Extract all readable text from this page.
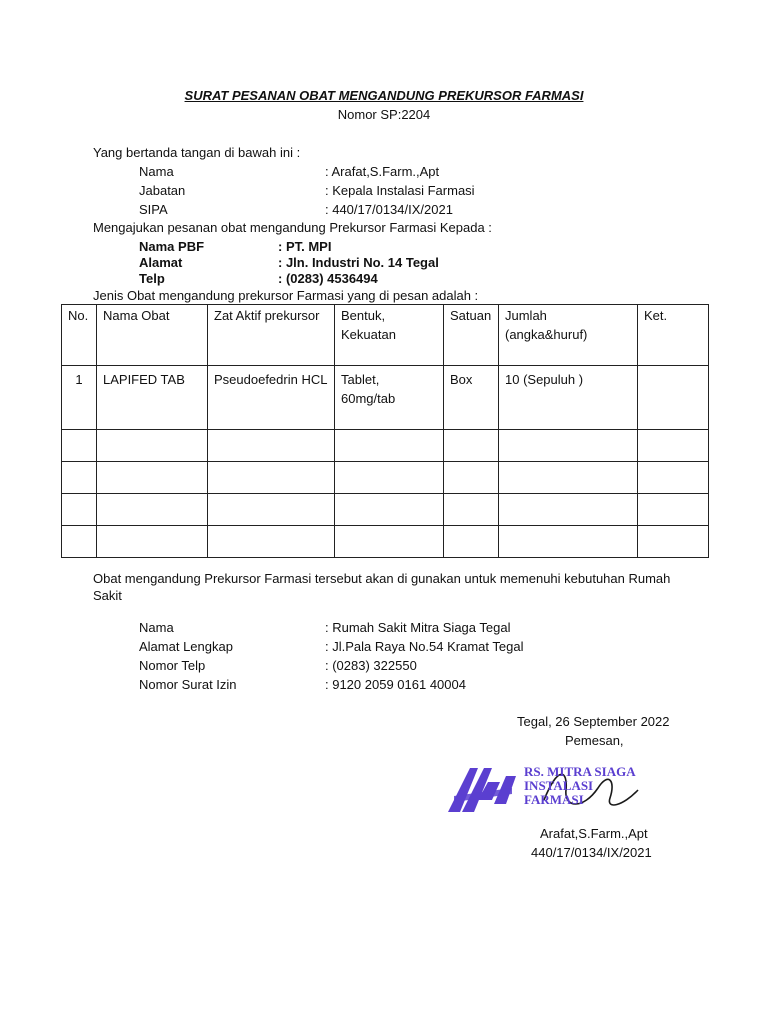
SURAT PESANAN OBAT MENGANDUNG PREKURSOR FARMASI
Nomor SP:2204
Yang bertanda tangan di bawah ini :
Nama	: Arafat,S.Farm.,Apt
Jabatan	: Kepala Instalasi Farmasi
SIPA	: 440/17/0134/IX/2021
Mengajukan pesanan obat mengandung Prekursor Farmasi Kepada :
Nama PBF	: PT. MPI
Alamat	: Jln. Industri No. 14 Tegal
Telp	: (0283) 4536494
Jenis Obat mengandung prekursor Farmasi yang di pesan adalah :
No.	Nama Obat	Zat Aktif prekursor	Bentuk, Kekuatan	Satuan	Jumlah (angka&huruf)	Ket.
1	LAPIFED TAB	Pseudoefedrin HCL	Tablet, 60mg/tab	Box	10 (Sepuluh )	

Obat mengandung Prekursor Farmasi tersebut akan di gunakan untuk memenuhi kebutuhan Rumah
Sakit
Nama	: Rumah Sakit Mitra Siaga Tegal
Alamat Lengkap	: Jl.Pala Raya No.54 Kramat Tegal
Nomor Telp	: (0283) 322550
Nomor Surat Izin	: 9120 2059 0161 40004
Tegal, 26 September 2022
Pemesan,
RS. MITRA SIAGA
INSTALASI
FARMASI
Arafat,S.Farm.,Apt
440/17/0134/IX/2021
